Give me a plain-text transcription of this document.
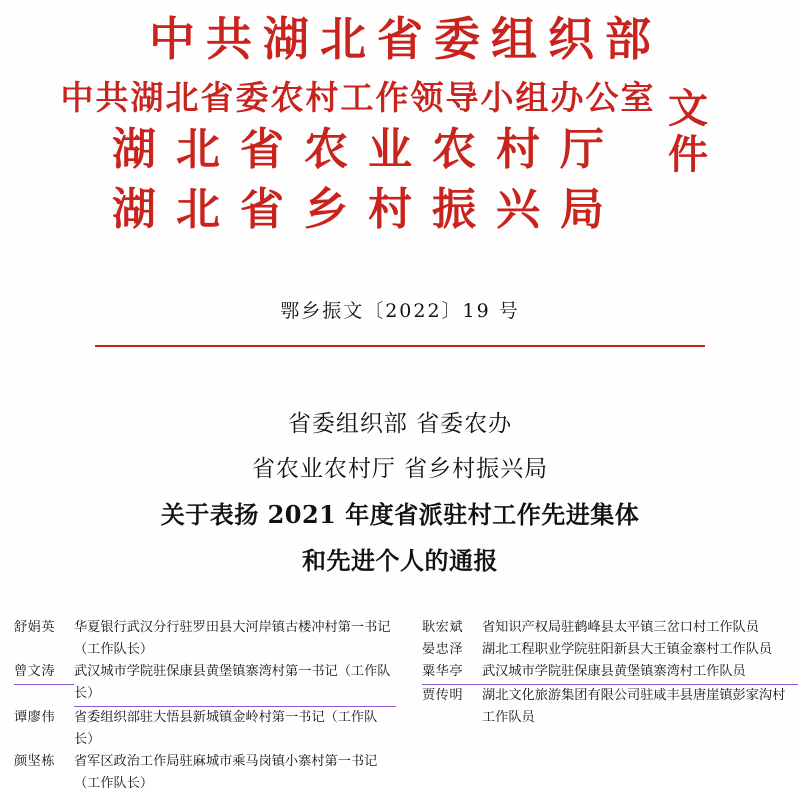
中共湖北省委组织部
中共湖北省委农村工作领导小组办公室
湖北省农业农村厅
湖北省乡村振兴局
文件
鄂乡振文〔2022〕19 号
省委组织部 省委农办
省农业农村厅 省乡村振兴局
关于表扬 2021 年度省派驻村工作先进集体
和先进个人的通报
舒娟英	华夏银行武汉分行驻罗田县大河岸镇古楼冲村第一书记
（工作队长）
曾文涛	武汉城市学院驻保康县黄堡镇寨湾村第一书记（工作队长）
谭廖伟	省委组织部驻大悟县新城镇金岭村第一书记（工作队长）
颜坚栋	省军区政治工作局驻麻城市乘马岗镇小寨村第一书记
（工作队长）
耿宏斌	省知识产权局驻鹤峰县太平镇三岔口村工作队员
晏忠泽	湖北工程职业学院驻阳新县大王镇金寨村工作队员
粟华亭	武汉城市学院驻保康县黄堡镇寨湾村工作队员
贾传明	湖北文化旅游集团有限公司驻咸丰县唐崖镇彭家沟村
工作队员
